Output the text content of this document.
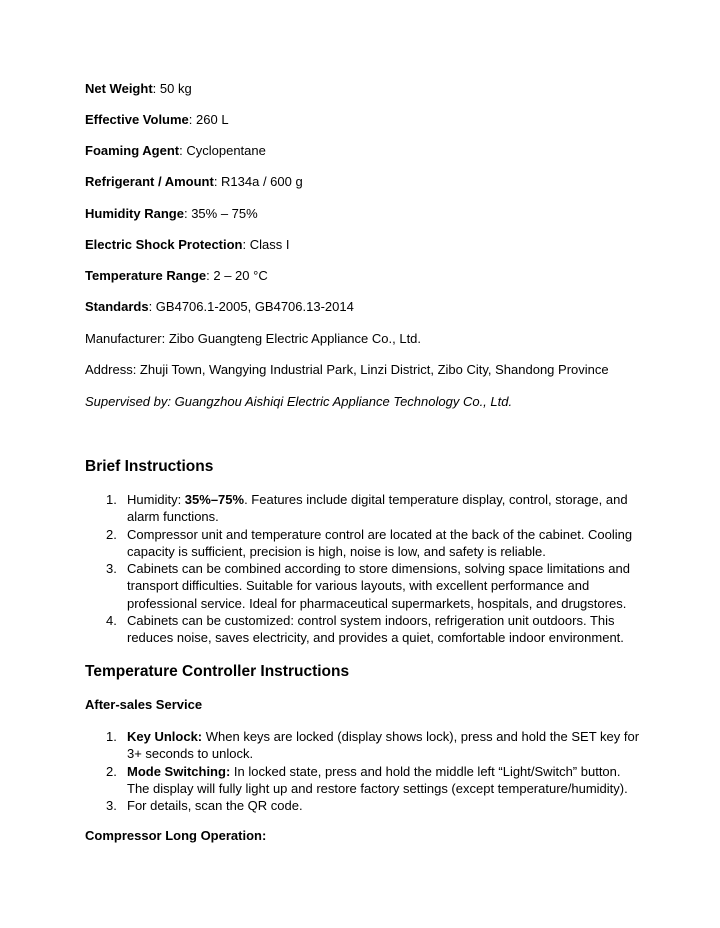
Net Weight: 50 kg
Effective Volume: 260 L
Foaming Agent: Cyclopentane
Refrigerant / Amount: R134a / 600 g
Humidity Range: 35% – 75%
Electric Shock Protection: Class I
Temperature Range: 2 – 20 °C
Standards: GB4706.1-2005, GB4706.13-2014
Manufacturer: Zibo Guangteng Electric Appliance Co., Ltd.
Address: Zhuji Town, Wangying Industrial Park, Linzi District, Zibo City, Shandong Province
Supervised by: Guangzhou Aishiqi Electric Appliance Technology Co., Ltd.
Brief Instructions
1. Humidity: 35%–75%. Features include digital temperature display, control, storage, and alarm functions.
2. Compressor unit and temperature control are located at the back of the cabinet. Cooling capacity is sufficient, precision is high, noise is low, and safety is reliable.
3. Cabinets can be combined according to store dimensions, solving space limitations and transport difficulties. Suitable for various layouts, with excellent performance and professional service. Ideal for pharmaceutical supermarkets, hospitals, and drugstores.
4. Cabinets can be customized: control system indoors, refrigeration unit outdoors. This reduces noise, saves electricity, and provides a quiet, comfortable indoor environment.
Temperature Controller Instructions
After-sales Service
1. Key Unlock: When keys are locked (display shows lock), press and hold the SET key for 3+ seconds to unlock.
2. Mode Switching: In locked state, press and hold the middle left “Light/Switch” button. The display will fully light up and restore factory settings (except temperature/humidity).
3. For details, scan the QR code.
Compressor Long Operation:
